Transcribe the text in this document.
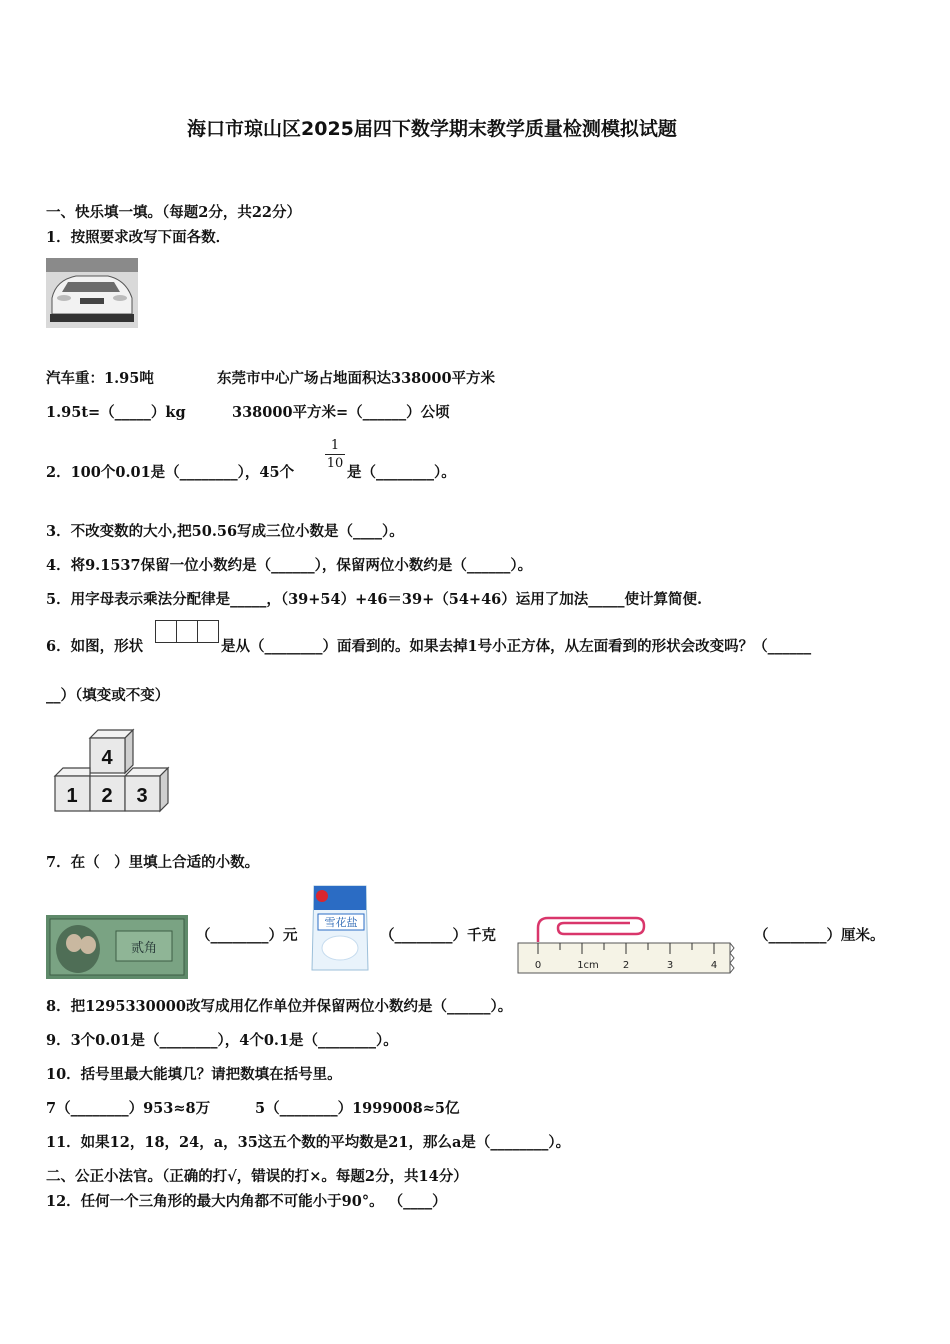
海口市琼山区2025届四下数学期末教学质量检测模拟试题
一、快乐填一填。（每题2分，共22分）
1．按照要求改写下面各数．
汽车重：1.95吨	东莞市中心广场占地面积达338000平方米
1.95t=（_____）kg	338000平方米=（______）公顷
2．100个0.01是（________），45个
1
10
是（________）。
3．不改变数的大小,把50.56写成三位小数是（____）。
4．将9.1537保留一位小数约是（______），保留两位小数约是（______）。
5．用字母表示乘法分配律是_____，（39+54）+46＝39+（54+46）运用了加法_____使计算简便.
6．如图，形状	是从（________）面看到的。如果去掉1号小正方体，从左面看到的形状会改变吗？（______
__）（填变或不变）
1 2 3
4
7．在（　）里填上合适的小数。
贰角
（________）元
雪花盐
（________）千克
0	1cm 2	3	4
（________）厘米。
8．把1295330000改写成用亿作单位并保留两位小数约是（______）。
9．3个0.01是（________），4个0.1是（________）。
10．括号里最大能填几？请把数填在括号里。
7（________）953≈8万	5（________）1999008≈5亿
11．如果12，18，24，a，35这五个数的平均数是21，那么a是（________）。
二、公正小法官。（正确的打√，错误的打×。每题2分，共14分）
12．任何一个三角形的最大内角都不可能小于90°。 （____）
